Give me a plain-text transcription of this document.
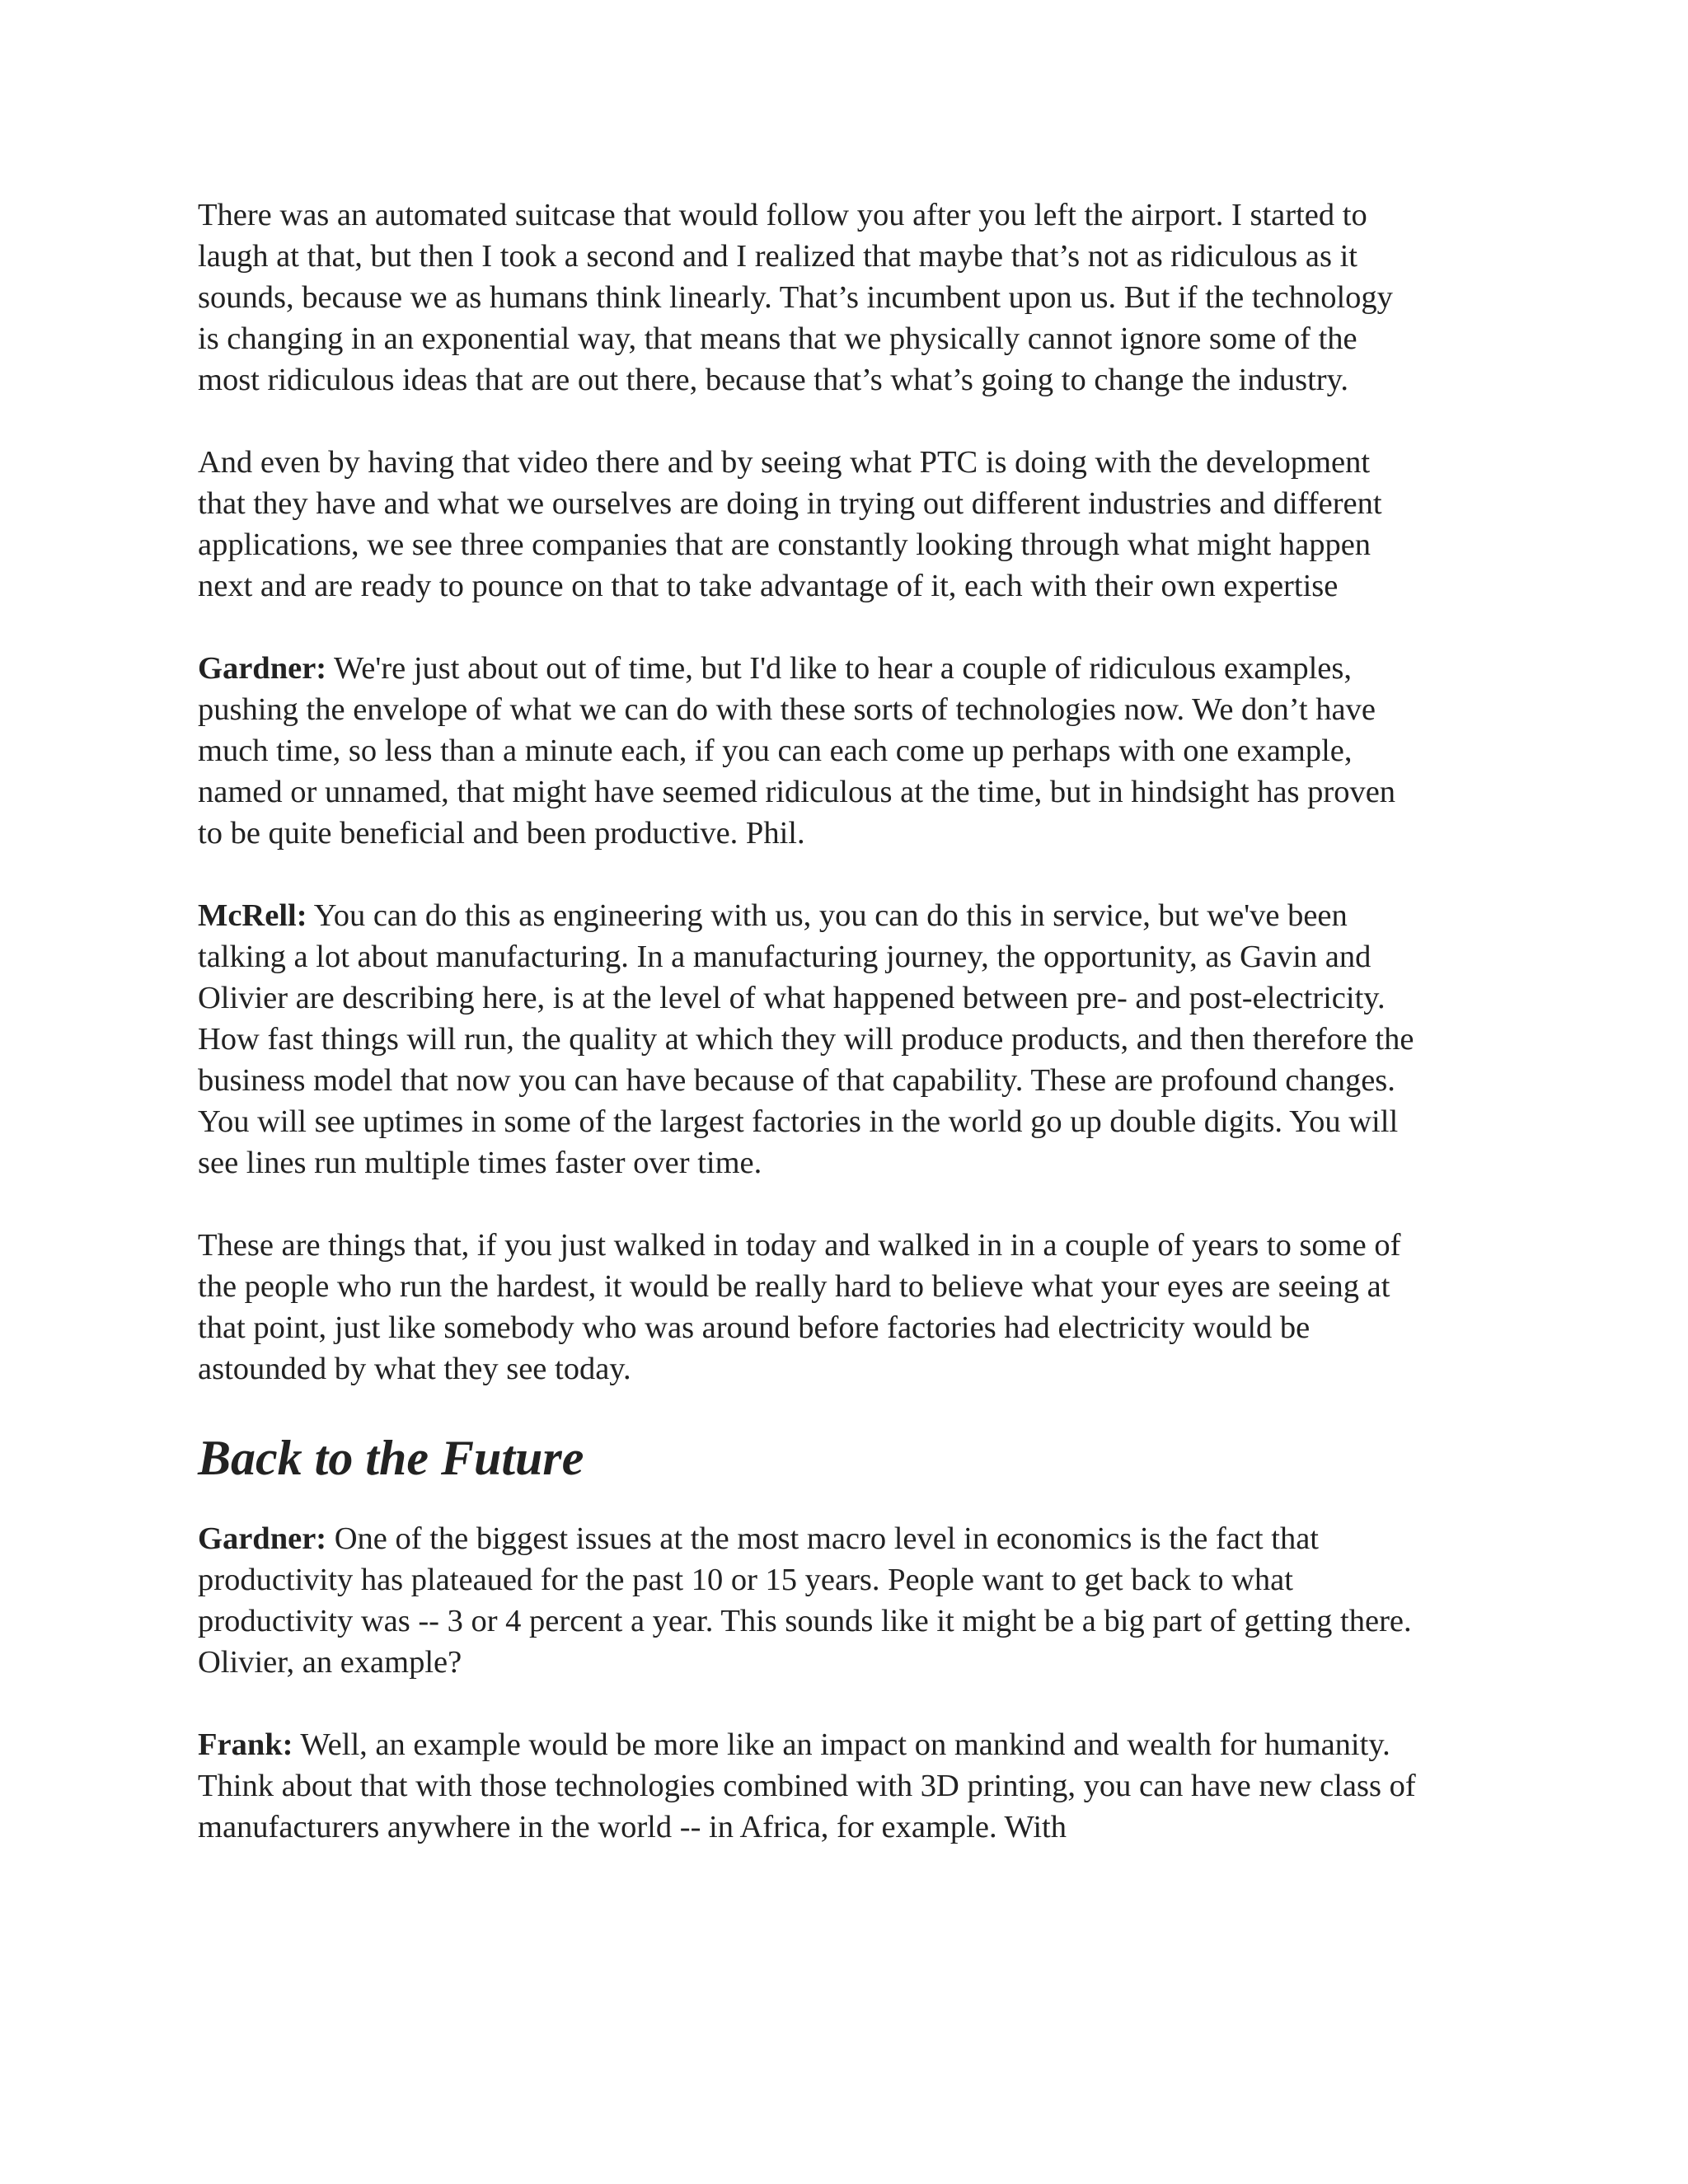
There was an automated suitcase that would follow you after you left the airport. I started to laugh at that, but then I took a second and I realized that maybe that’s not as ridiculous as it sounds, because we as humans think linearly. That’s incumbent upon us. But if the technology is changing in an exponential way, that means that we physically cannot ignore some of the most ridiculous ideas that are out there, because that’s what’s going to change the industry.

And even by having that video there and by seeing what PTC is doing with the development that they have and what we ourselves are doing in trying out different industries and different applications, we see three companies that are constantly looking through what might happen next and are ready to pounce on that to take advantage of it, each with their own expertise

Gardner: We're just about out of time, but I'd like to hear a couple of ridiculous examples, pushing the envelope of what we can do with these sorts of technologies now. We don’t have much time, so less than a minute each, if you can each come up perhaps with one example, named or unnamed, that might have seemed ridiculous at the time, but in hindsight has proven to be quite beneficial and been productive. Phil.

McRell: You can do this as engineering with us, you can do this in service, but we've been talking a lot about manufacturing. In a manufacturing journey, the opportunity, as Gavin and Olivier are describing here, is at the level of what happened between pre- and post-electricity. How fast things will run, the quality at which they will produce products, and then therefore the business model that now you can have because of that capability. These are profound changes. You will see uptimes in some of the largest factories in the world go up double digits. You will see lines run multiple times faster over time.

These are things that, if you just walked in today and walked in in a couple of years to some of the people who run the hardest, it would be really hard to believe what your eyes are seeing at that point, just like somebody who was around before factories had electricity would be astounded by what they see today.

Back to the Future

Gardner: One of the biggest issues at the most macro level in economics is the fact that productivity has plateaued for the past 10 or 15 years. People want to get back to what productivity was -- 3 or 4 percent a year. This sounds like it might be a big part of getting there. Olivier, an example?

Frank: Well, an example would be more like an impact on mankind and wealth for humanity. Think about that with those technologies combined with 3D printing, you can have new class of manufacturers anywhere in the world -- in Africa, for example. With
